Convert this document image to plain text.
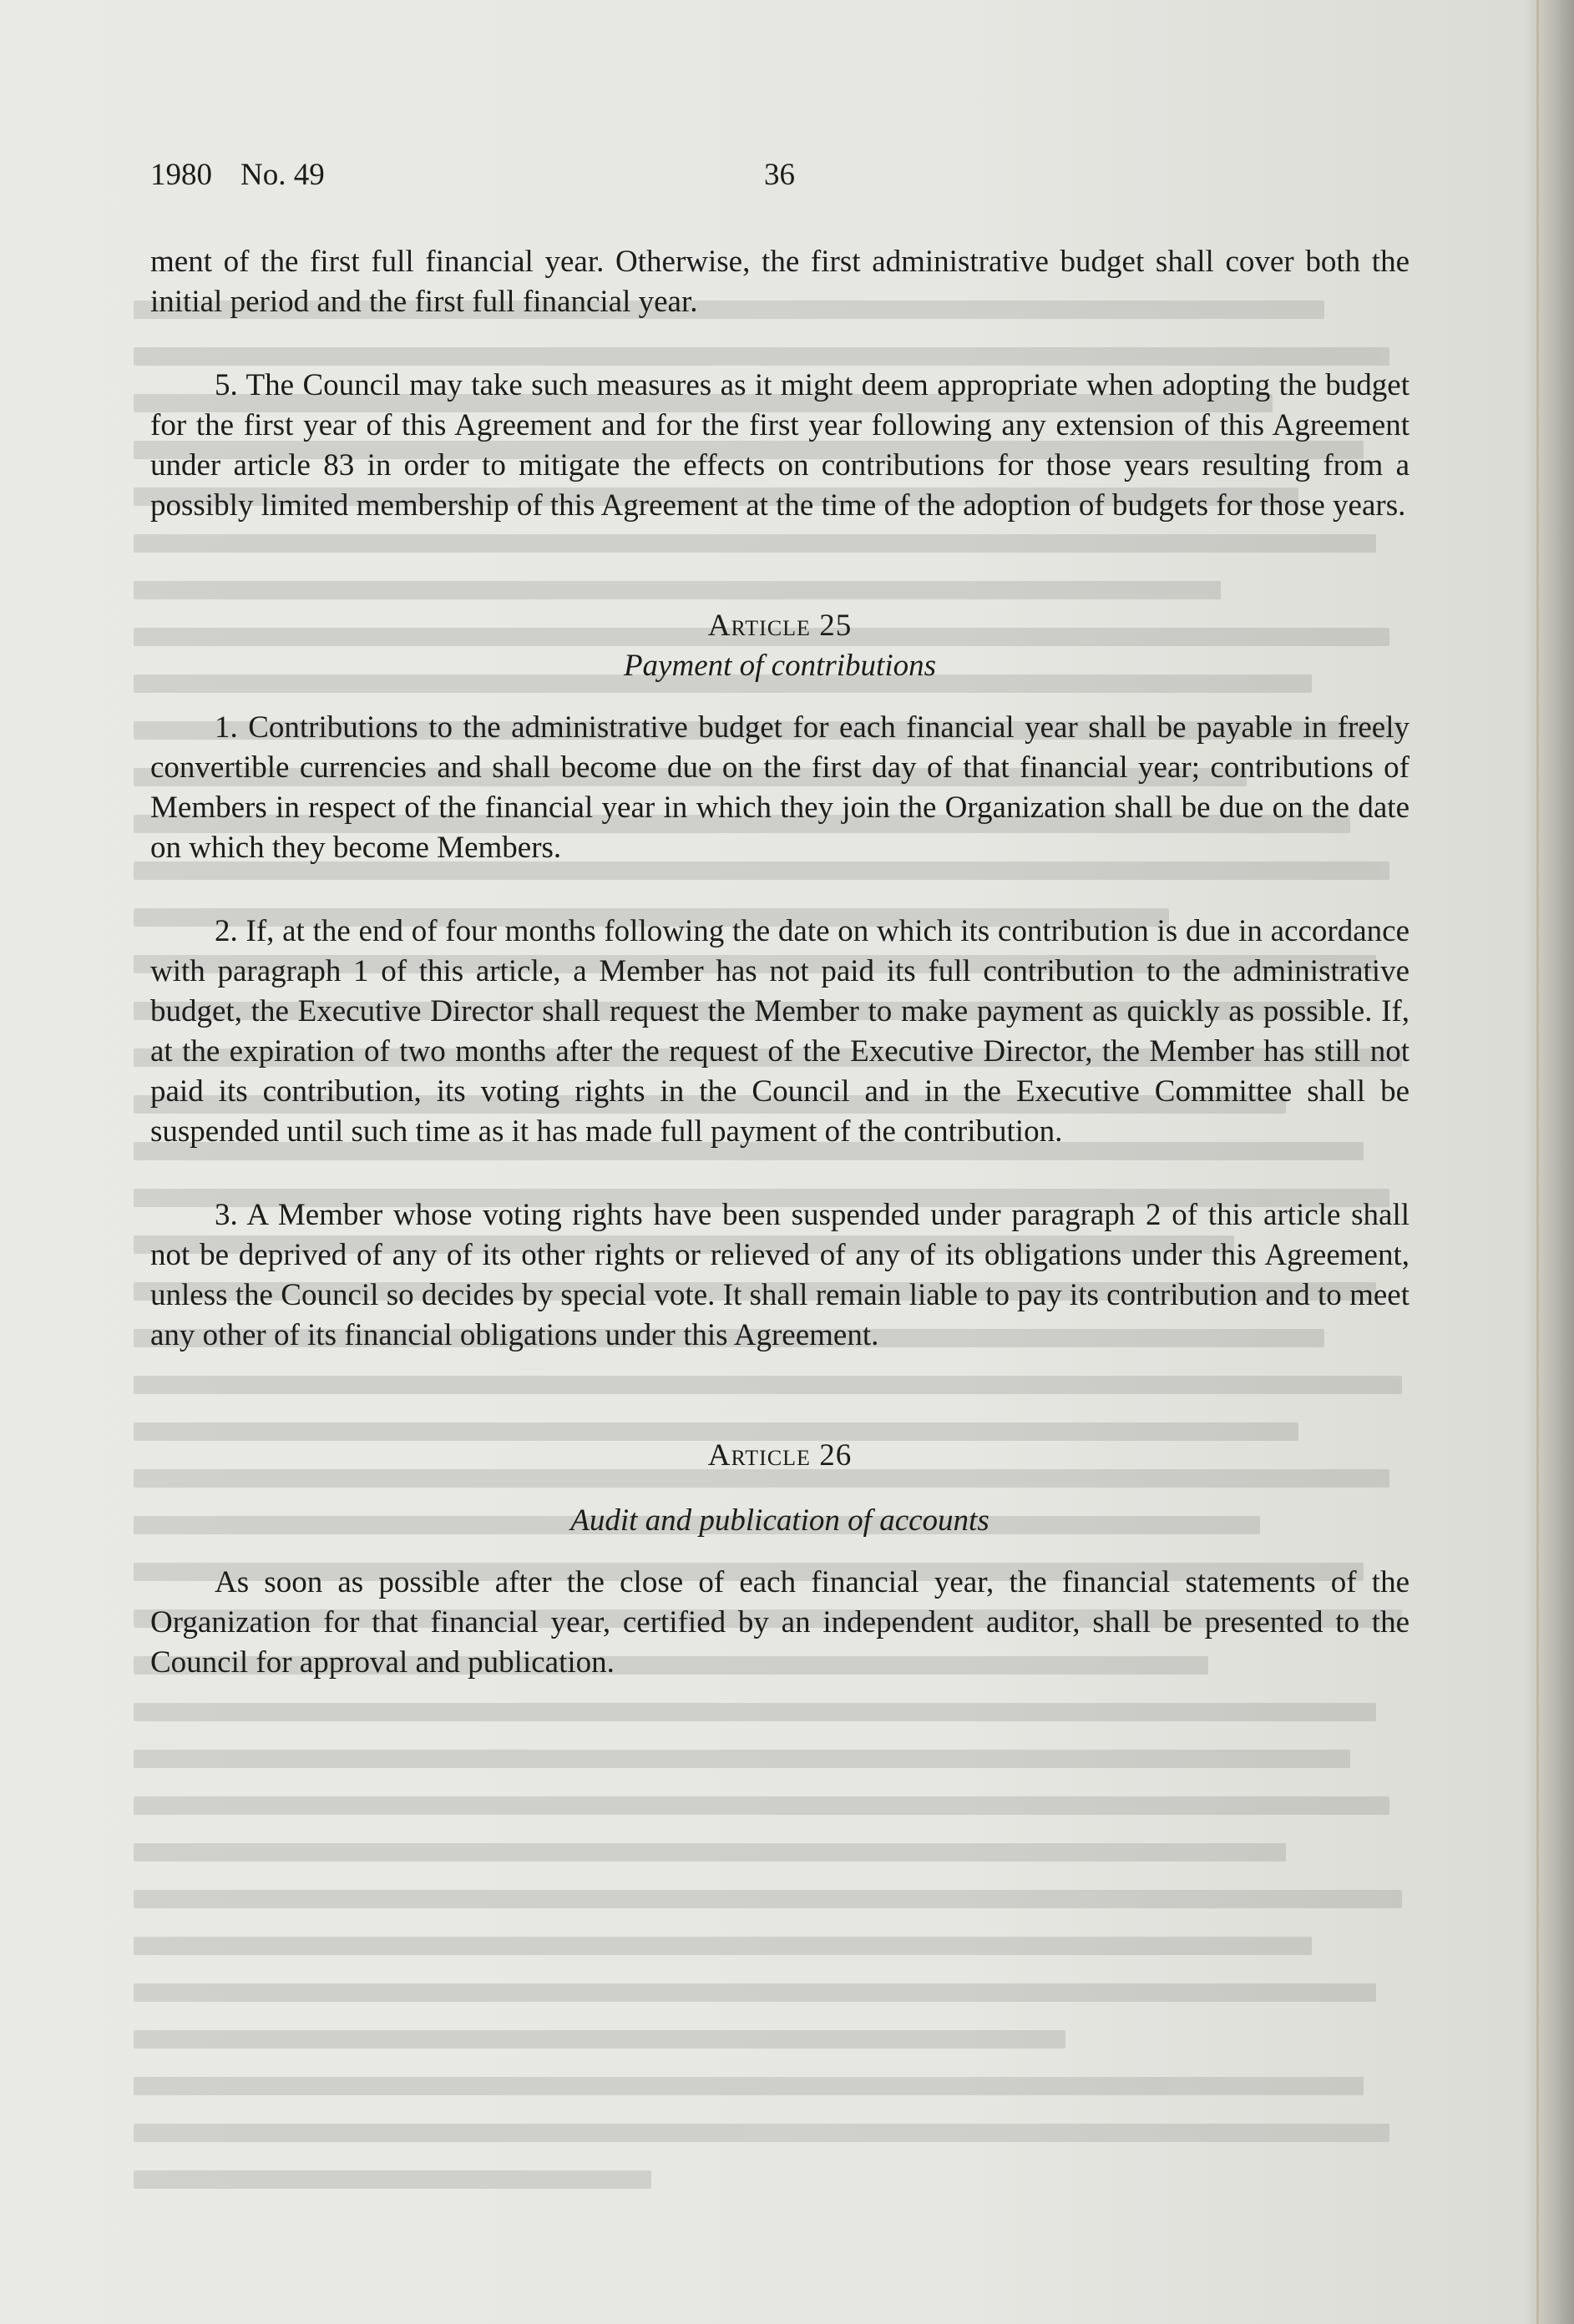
1980 No. 49	36

ment of the first full financial year. Otherwise, the first administrative budget shall cover both the initial period and the first full financial year.

5. The Council may take such measures as it might deem appropriate when adopting the budget for the first year of this Agreement and for the first year following any extension of this Agreement under article 83 in order to mitigate the effects on contributions for those years resulting from a possibly limited membership of this Agreement at the time of the adoption of budgets for those years.

Article 25

Payment of contributions

1. Contributions to the administrative budget for each financial year shall be payable in freely convertible currencies and shall become due on the first day of that financial year; contributions of Members in respect of the financial year in which they join the Organization shall be due on the date on which they become Members.

2. If, at the end of four months following the date on which its contribution is due in accordance with paragraph 1 of this article, a Member has not paid its full contribution to the administrative budget, the Executive Director shall request the Member to make payment as quickly as possible. If, at the expiration of two months after the request of the Executive Director, the Member has still not paid its contribution, its voting rights in the Council and in the Executive Committee shall be suspended until such time as it has made full payment of the contribution.

3. A Member whose voting rights have been suspended under paragraph 2 of this article shall not be deprived of any of its other rights or relieved of any of its obligations under this Agreement, unless the Council so decides by special vote. It shall remain liable to pay its contribution and to meet any other of its financial obligations under this Agreement.

Article 26

Audit and publication of accounts

As soon as possible after the close of each financial year, the financial statements of the Organization for that financial year, certified by an independent auditor, shall be presented to the Council for approval and publication.
